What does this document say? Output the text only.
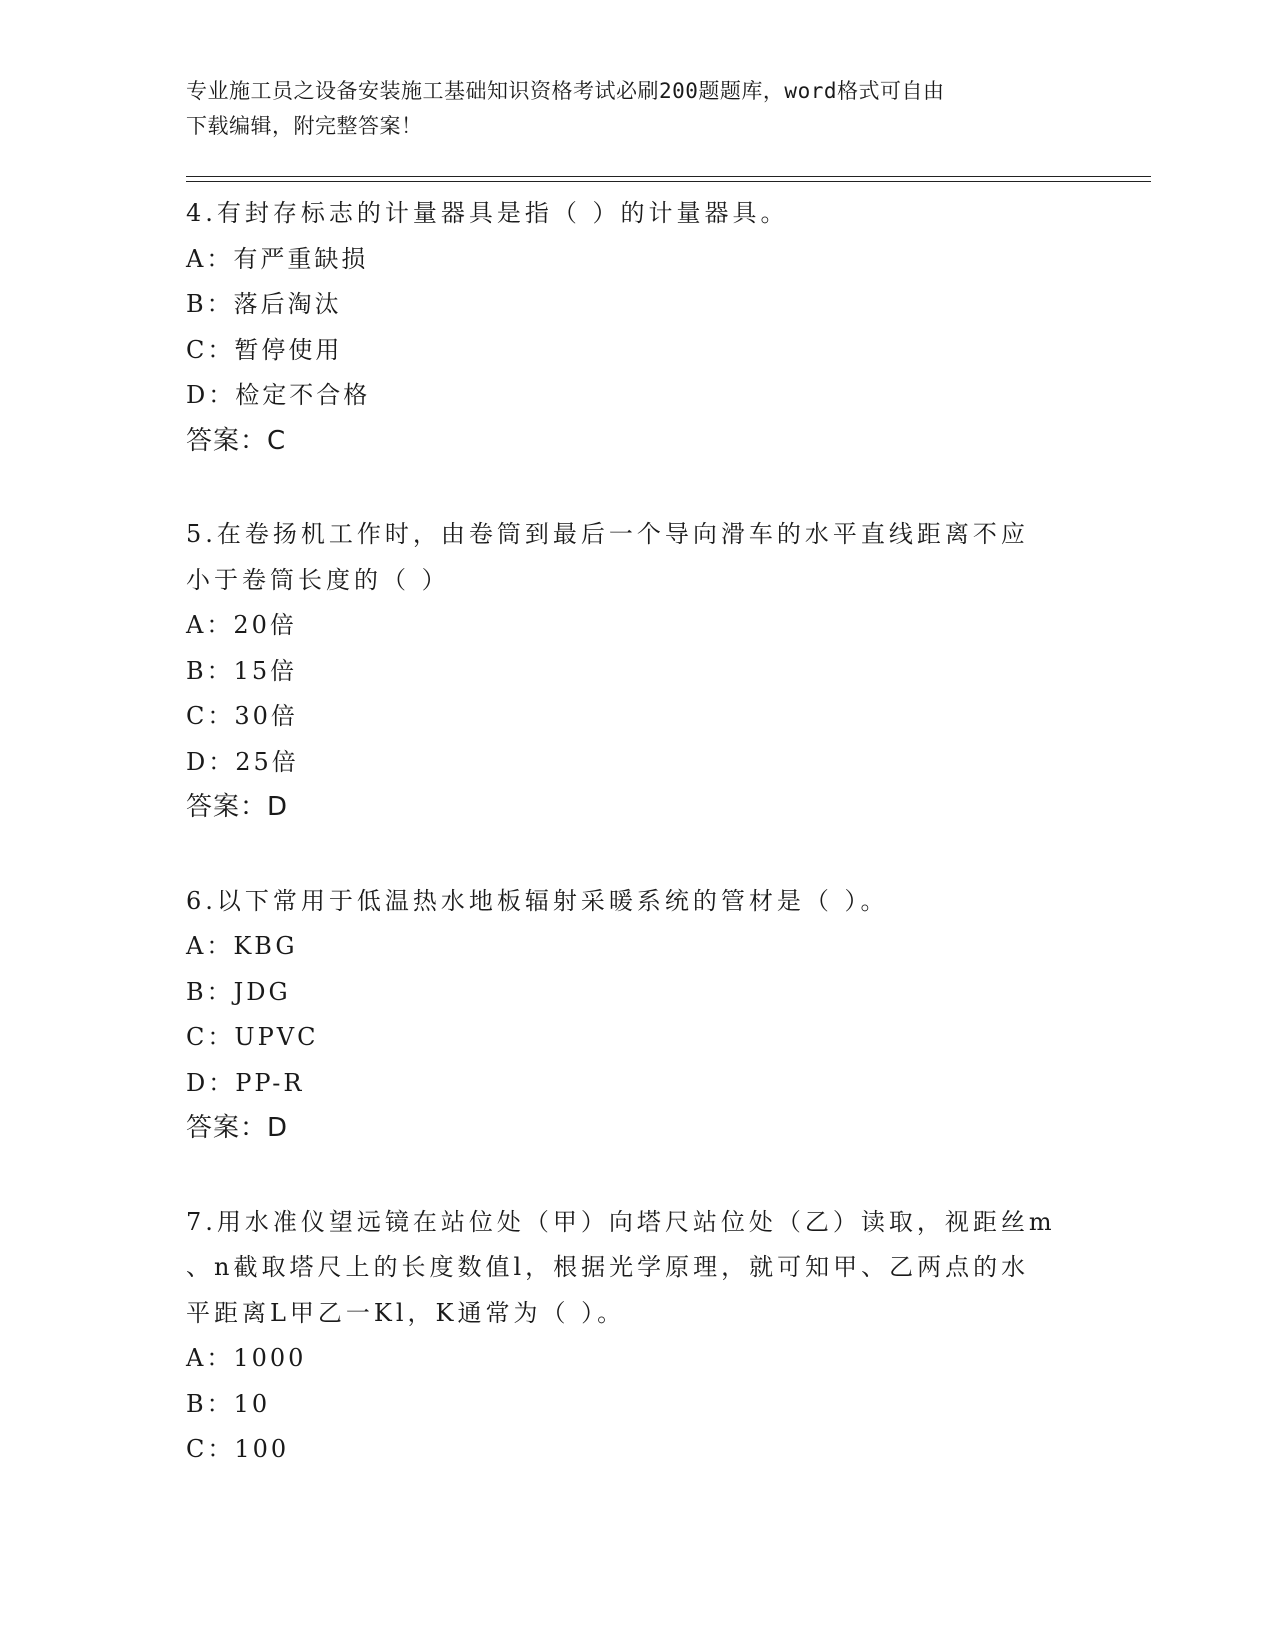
专业施工员之设备安装施工基础知识资格考试必刷200题题库，word格式可自由
下载编辑，附完整答案！

4.有封存标志的计量器具是指（ ）的计量器具。

A：有严重缺损

B：落后淘汰

C：暂停使用

D：检定不合格

答案：C

5.在卷扬机工作时，由卷筒到最后一个导向滑车的水平直线距离不应

小于卷筒长度的（ ）

A：20倍

B：15倍

C：30倍

D：25倍

答案：D

6.以下常用于低温热水地板辐射采暖系统的管材是（ ）。

A：KBG

B：JDG

C：UPVC

D：PP-R

答案：D

7.用水准仪望远镜在站位处（甲）向塔尺站位处（乙）读取，视距丝m

、n截取塔尺上的长度数值l，根据光学原理，就可知甲、乙两点的水

平距离L甲乙一Kl，K通常为（ ）。

A：1000

B：10

C：100
